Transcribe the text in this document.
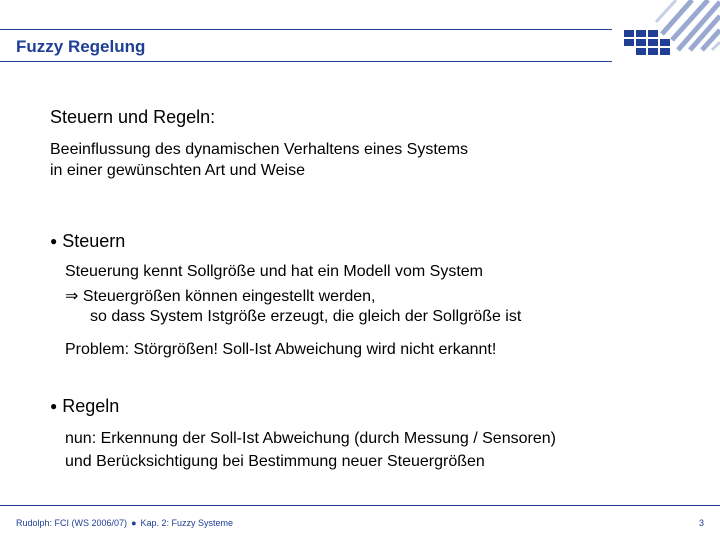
Fuzzy Regelung
Steuern und Regeln:
Beeinflussung des dynamischen Verhaltens eines Systems
in einer gewünschten Art und Weise
● Steuern
Steuerung kennt Sollgröße und hat ein Modell vom System
⇒ Steuergrößen können eingestellt werden,
so dass System Istgröße erzeugt, die gleich der Sollgröße ist
Problem: Störgrößen! Soll-Ist Abweichung wird nicht erkannt!
● Regeln
nun: Erkennung der Soll-Ist Abweichung (durch Messung / Sensoren)
und Berücksichtigung bei Bestimmung neuer Steuergrößen
Rudolph: FCI (WS 2006/07) ● Kap. 2: Fuzzy Systeme	3
